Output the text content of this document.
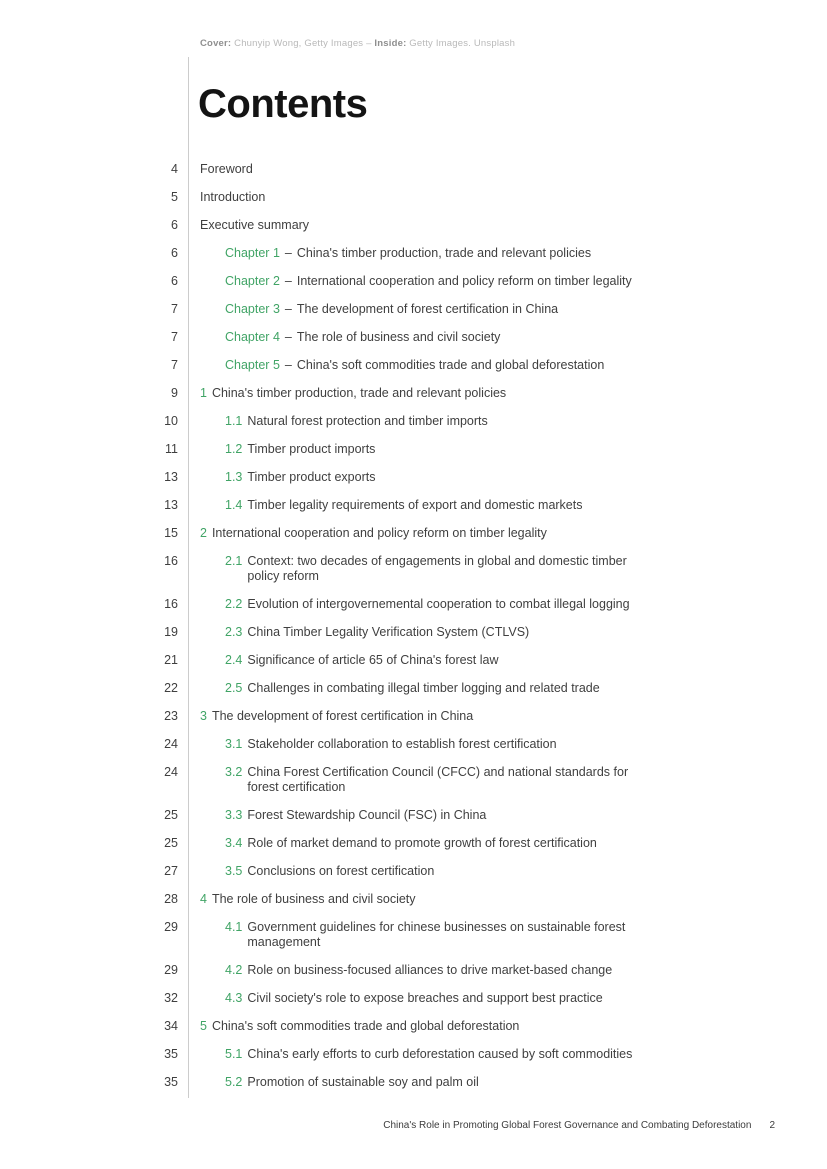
Cover: Chunyip Wong, Getty Images – Inside: Getty Images. Unsplash
Contents
4 Foreword
5 Introduction
6 Executive summary
6	Chapter 1 – China's timber production, trade and relevant policies
6	Chapter 2 – International cooperation and policy reform on timber legality
7	Chapter 3 – The development of forest certification in China
7	Chapter 4 – The role of business and civil society
7	Chapter 5 – China's soft commodities trade and global deforestation
9 1 China's timber production, trade and relevant policies
10	1.1 Natural forest protection and timber imports
11	1.2 Timber product imports
13	1.3 Timber product exports
13	1.4 Timber legality requirements of export and domestic markets
15 2 International cooperation and policy reform on timber legality
16	2.1 Context: two decades of engagements in global and domestic timber
policy reform
16	2.2 Evolution of intergovernemental cooperation to combat illegal logging
19	2.3 China Timber Legality Verification System (CTLVS)
21	2.4 Significance of article 65 of China's forest law
22	2.5 Challenges in combating illegal timber logging and related trade
23 3 The development of forest certification in China
24	3.1 Stakeholder collaboration to establish forest certification
24	3.2 China Forest Certification Council (CFCC) and national standards for
forest certification
25	3.3 Forest Stewardship Council (FSC) in China
25	3.4 Role of market demand to promote growth of forest certification
27	3.5 Conclusions on forest certification
28 4 The role of business and civil society
29	4.1 Government guidelines for chinese businesses on sustainable forest
management
29	4.2 Role on business-focused alliances to drive market-based change
32	4.3 Civil society's role to expose breaches and support best practice
34 5 China's soft commodities trade and global deforestation
35	5.1 China's early efforts to curb deforestation caused by soft commodities
35	5.2 Promotion of sustainable soy and palm oil
China's Role in Promoting Global Forest Governance and Combating Deforestation 2
